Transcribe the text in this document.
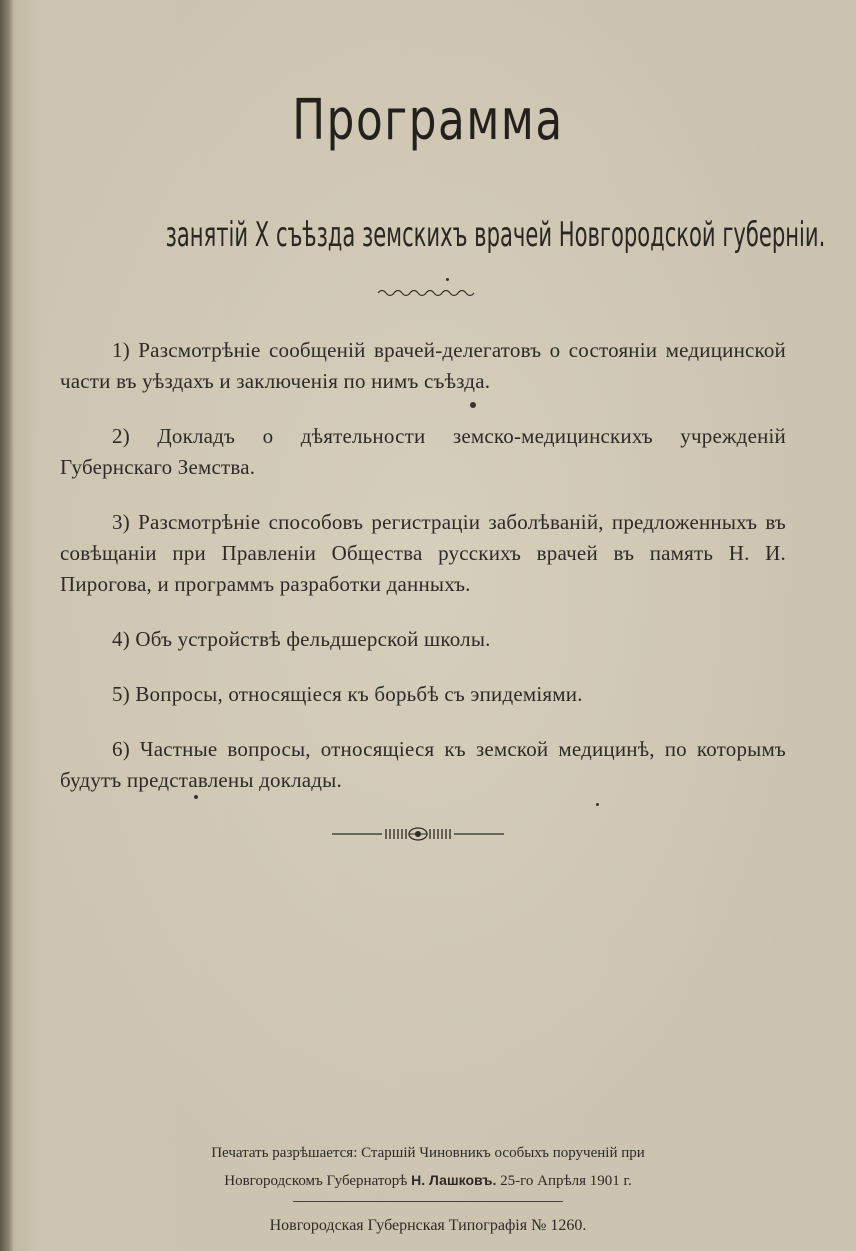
Программа
занятій X съѣзда земскихъ врачей Новгородской губерніи.

1) Разсмотрѣніе сообщеній врачей-делегатовъ о состояніи медицинской части въ уѣздахъ и заключенія по нимъ съѣзда.

2) Докладъ о дѣятельности земско-медицинскихъ учрежденій Губернскаго Земства.

3) Разсмотрѣніе способовъ регистраціи заболѣваній, предложенныхъ въ совѣщаніи при Правленіи Общества русскихъ врачей въ память Н. И. Пирогова, и программъ разработки данныхъ.

4) Объ устройствѣ фельдшерской школы.

5) Вопросы, относящіеся къ борьбѣ съ эпидеміями.

6) Частные вопросы, относящіеся къ земской медицинѣ, по которымъ будутъ представлены доклады.

Печатать разрѣшается: Старшій Чиновникъ особыхъ порученій при
Новгородскомъ Губернаторѣ Н. Лашковъ. 25-го Апрѣля 1901 г.
Новгородская Губернская Типографія № 1260.
